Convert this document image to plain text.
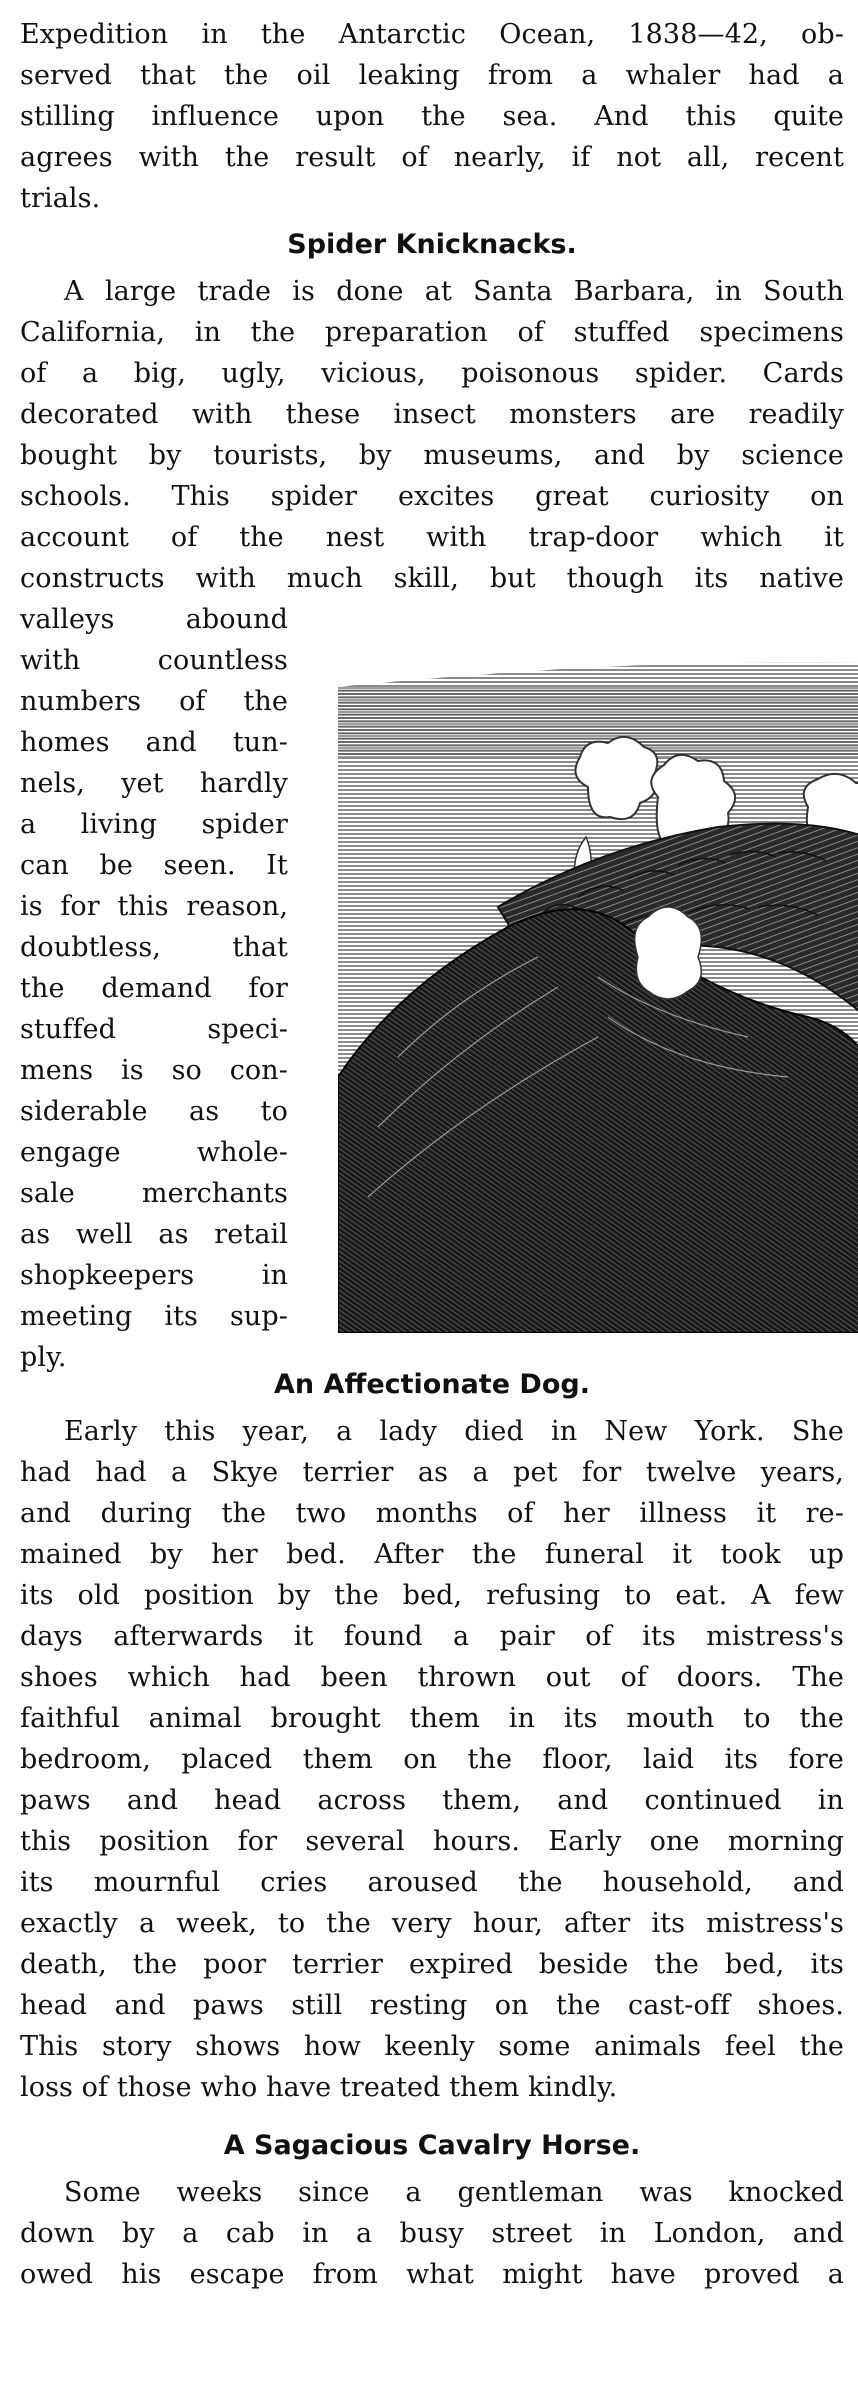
Expedition in the Antarctic Ocean, 1838—42, ob-
served that the oil leaking from a whaler had a
stilling influence upon the sea. And this quite
agrees with the result of nearly, if not all, recent
trials.

Spider Knicknacks.

A large trade is done at Santa Barbara, in South
California, in the preparation of stuffed specimens
of a big, ugly, vicious, poisonous spider. Cards
decorated with these insect monsters are readily
bought by tourists, by museums, and by science
schools. This spider excites great curiosity on
account of the nest with trap-door which it
constructs with much skill, but though its native

valleys abound
with countless
numbers of the
homes and tun-
nels, yet hardly
a living spider
can be seen. It
is for this reason,
doubtless, that
the demand for
stuffed speci-
mens is so con-
siderable as to
engage whole-
sale merchants
as well as retail
shopkeepers in
meeting its sup-
ply.
An Affectionate Dog.

Early this year, a lady died in New York. She
had had a Skye terrier as a pet for twelve years,
and during the two months of her illness it re-
mained by her bed. After the funeral it took up
its old position by the bed, refusing to eat. A few
days afterwards it found a pair of its mistress's
shoes which had been thrown out of doors. The
faithful animal brought them in its mouth to the
bedroom, placed them on the floor, laid its fore
paws and head across them, and continued in
this position for several hours. Early one morning
its mournful cries aroused the household, and
exactly a week, to the very hour, after its mistress's
death, the poor terrier expired beside the bed, its
head and paws still resting on the cast-off shoes.
This story shows how keenly some animals feel the
loss of those who have treated them kindly.

A Sagacious Cavalry Horse.

Some weeks since a gentleman was knocked
down by a cab in a busy street in London, and
owed his escape from what might have proved a
